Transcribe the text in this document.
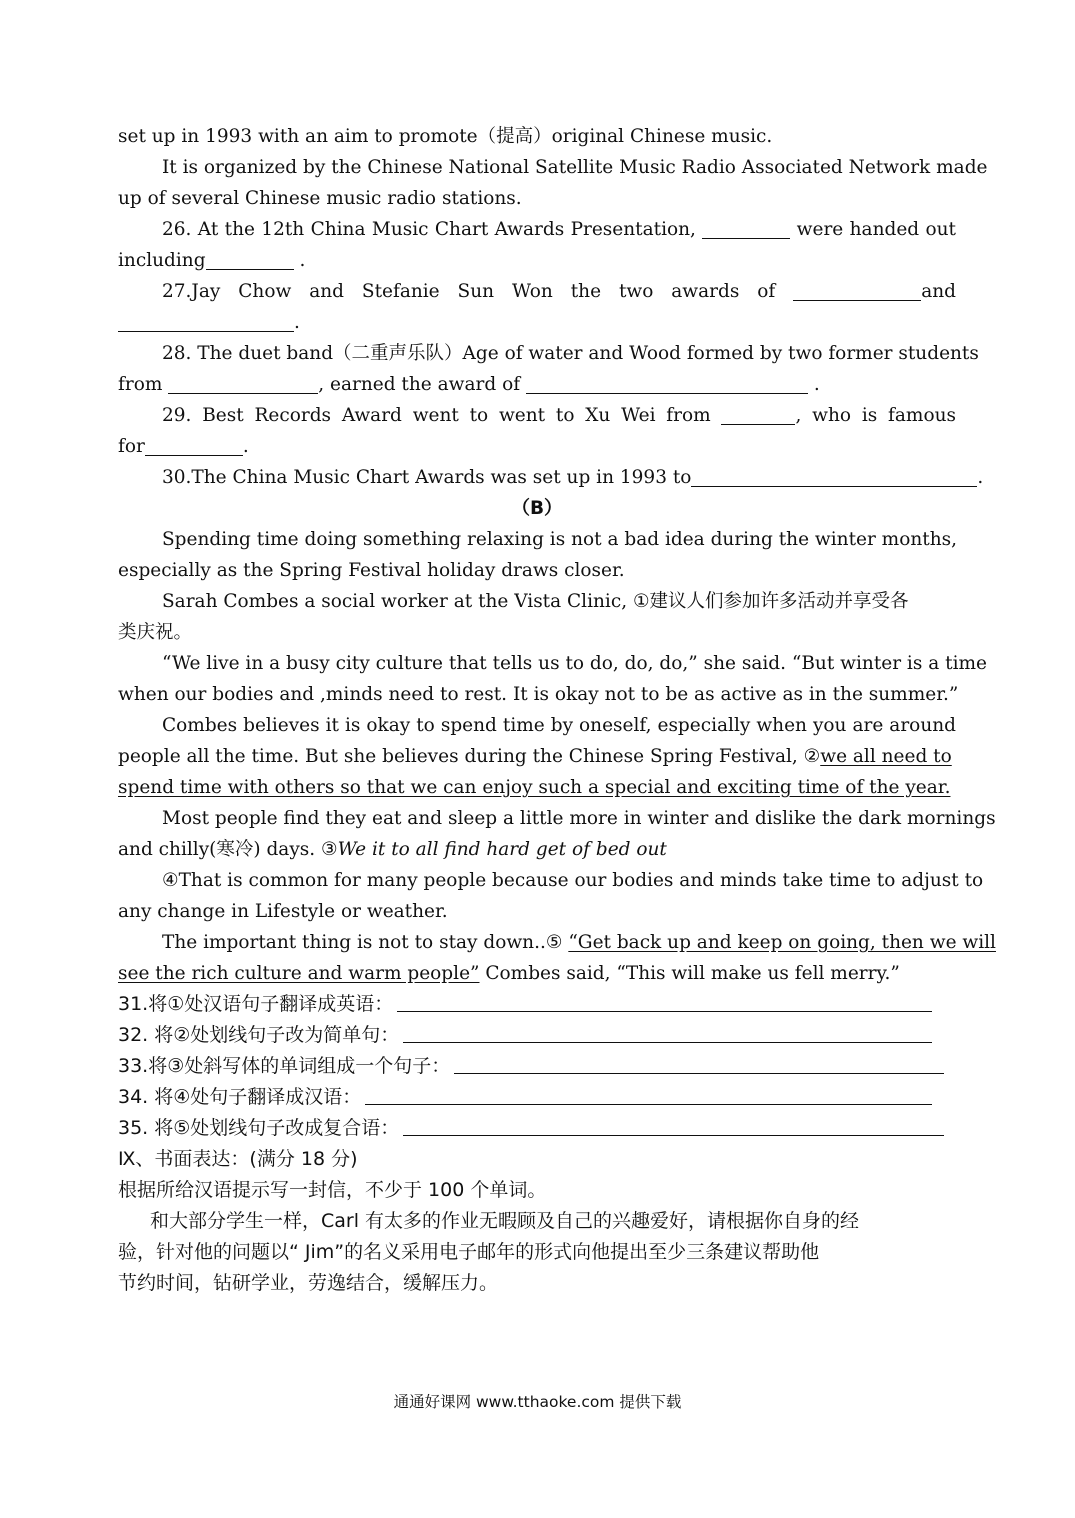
set up in 1993 with an aim to promote（提高）original Chinese music.
It is organized by the Chinese National Satellite Music Radio Associated Network made
up of several Chinese music radio stations.
26. At the 12th China Music Chart Awards Presentation,	were handed out
including	.
27.Jay Chow and Stefanie Sun Won the two awards of	and
.
28. The duet band（二重声乐队）Age of water and Wood formed by two former students
from	, earned the award of	.
29. Best Records Award went to went to Xu Wei from	, who is famous
for	.
30.The China Music Chart Awards was set up in 1993 to	.
（B）
Spending time doing something relaxing is not a bad idea during the winter months,
especially as the Spring Festival holiday draws closer.
Sarah Combes a social worker at the Vista Clinic, ①建议人们参加许多活动并享受各
类庆祝。
“We live in a busy city culture that tells us to do, do, do,” she said. “But winter is a time
when our bodies and ,minds need to rest. It is okay not to be as active as in the summer.”
Combes believes it is okay to spend time by oneself, especially when you are around
people all the time. But she believes during the Chinese Spring Festival, ②we all need to
spend time with others so that we can enjoy such a special and exciting time of the year.
Most people find they eat and sleep a little more in winter and dislike the dark mornings
and chilly(寒冷) days. ③We it to all find hard get of bed out
④That is common for many people because our bodies and minds take time to adjust to
any change in Lifestyle or weather.
The important thing is not to stay down..⑤ “Get back up and keep on going, then we will
see the rich culture and warm people” Combes said, “This will make us fell merry.”
31.将①处汉语句子翻译成英语：
32. 将②处划线句子改为简单句：
33.将③处斜写体的单词组成一个句子：
34. 将④处句子翻译成汉语：
35. 将⑤处划线句子改成复合语：
Ⅸ、书面表达：(满分 18 分)
根据所给汉语提示写一封信，不少于 100 个单词。
和大部分学生一样，Carl 有太多的作业无暇顾及自己的兴趣爱好，请根据你自身的经
验，针对他的问题以“ Jim”的名义采用电子邮年的形式向他提出至少三条建议帮助他
节约时间，钻研学业，劳逸结合，缓解压力。
通通好课网 www.tthaoke.com 提供下载
